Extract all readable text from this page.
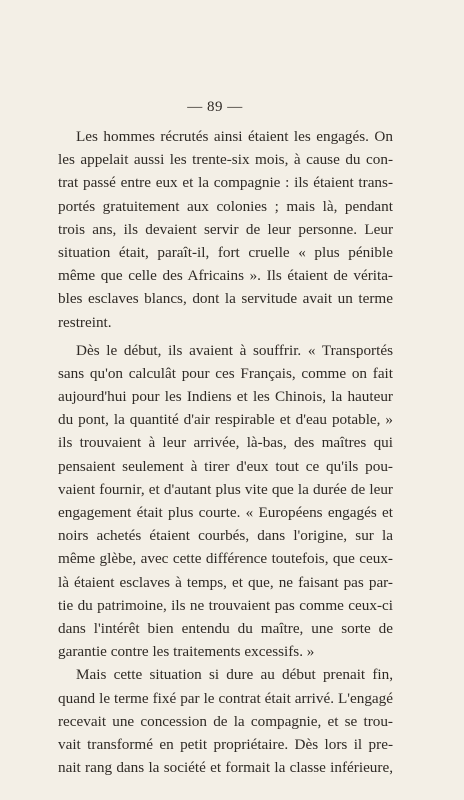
— 89 —
Les hommes récrutés ainsi étaient les engagés. On
les appelait aussi les trente-six mois, à cause du con-
trat passé entre eux et la compagnie : ils étaient trans-
portés gratuitement aux colonies ; mais là, pendant
trois ans, ils devaient servir de leur personne. Leur
situation était, paraît-il, fort cruelle « plus pénible
même que celle des Africains ». Ils étaient de vérita-
bles esclaves blancs, dont la servitude avait un terme
restreint.
Dès le début, ils avaient à souffrir. « Transportés
sans qu'on calculât pour ces Français, comme on fait
aujourd'hui pour les Indiens et les Chinois, la hauteur
du pont, la quantité d'air respirable et d'eau potable, »
ils trouvaient à leur arrivée, là-bas, des maîtres qui
pensaient seulement à tirer d'eux tout ce qu'ils pou-
vaient fournir, et d'autant plus vite que la durée de leur
engagement était plus courte. « Européens engagés et
noirs achetés étaient courbés, dans l'origine, sur la
même glèbe, avec cette différence toutefois, que ceux-
là étaient esclaves à temps, et que, ne faisant pas par-
tie du patrimoine, ils ne trouvaient pas comme ceux-ci
dans l'intérêt bien entendu du maître, une sorte de
garantie contre les traitements excessifs. »
Mais cette situation si dure au début prenait fin,
quand le terme fixé par le contrat était arrivé. L'engagé
recevait une concession de la compagnie, et se trou-
vait transformé en petit propriétaire. Dès lors il pre-
nait rang dans la société et formait la classe inférieure,
